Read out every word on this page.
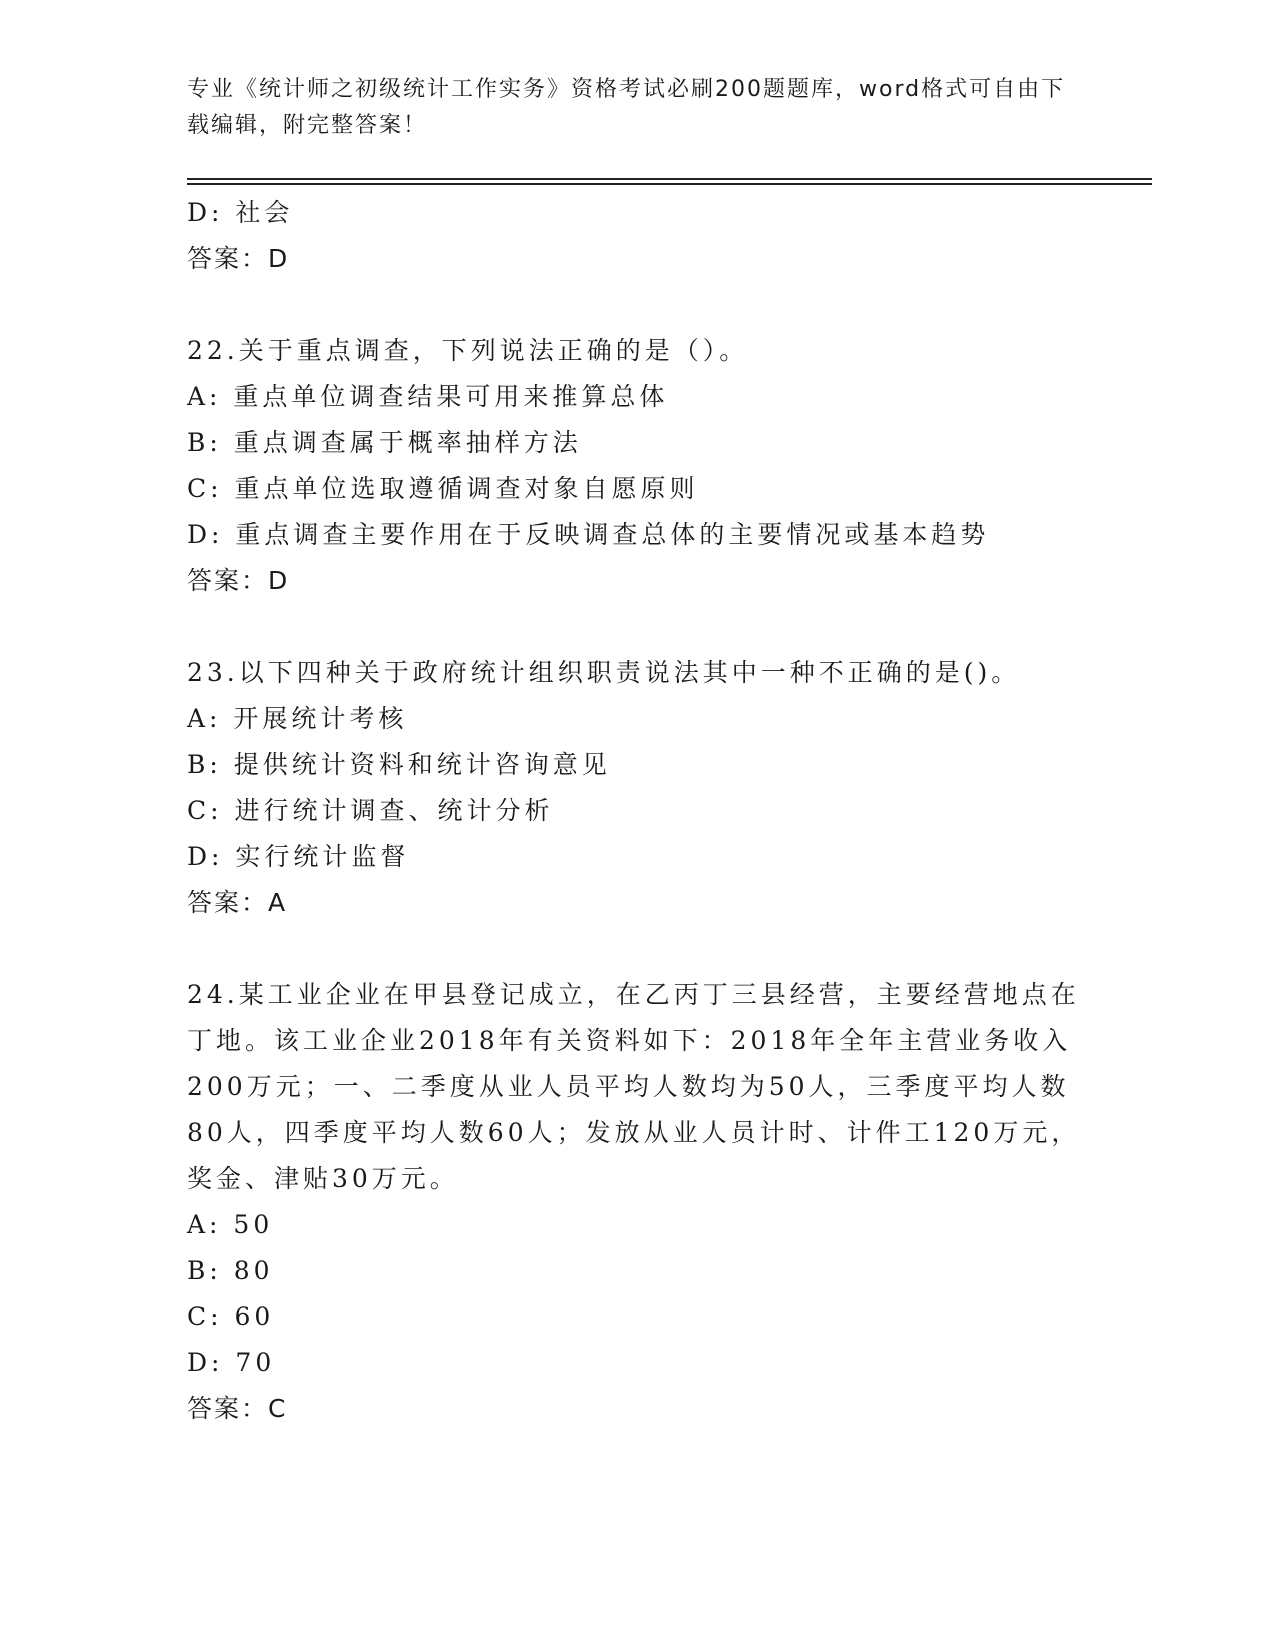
专业《统计师之初级统计工作实务》资格考试必刷200题题库，word格式可自由下载编辑，附完整答案！
D: 社会
答案：D
22.关于重点调查，下列说法正确的是（）。
A: 重点单位调查结果可用来推算总体
B: 重点调查属于概率抽样方法
C: 重点单位选取遵循调查对象自愿原则
D: 重点调查主要作用在于反映调查总体的主要情况或基本趋势
答案：D
23.以下四种关于政府统计组织职责说法其中一种不正确的是()。
A: 开展统计考核
B: 提供统计资料和统计咨询意见
C: 进行统计调查、统计分析
D: 实行统计监督
答案：A
24.某工业企业在甲县登记成立，在乙丙丁三县经营，主要经营地点在丁地。该工业企业2018年有关资料如下：2018年全年主营业务收入200万元；一、二季度从业人员平均人数均为50人，三季度平均人数80人，四季度平均人数60人；发放从业人员计时、计件工120万元，奖金、津贴30万元。
A: 50
B: 80
C: 60
D: 70
答案：C
